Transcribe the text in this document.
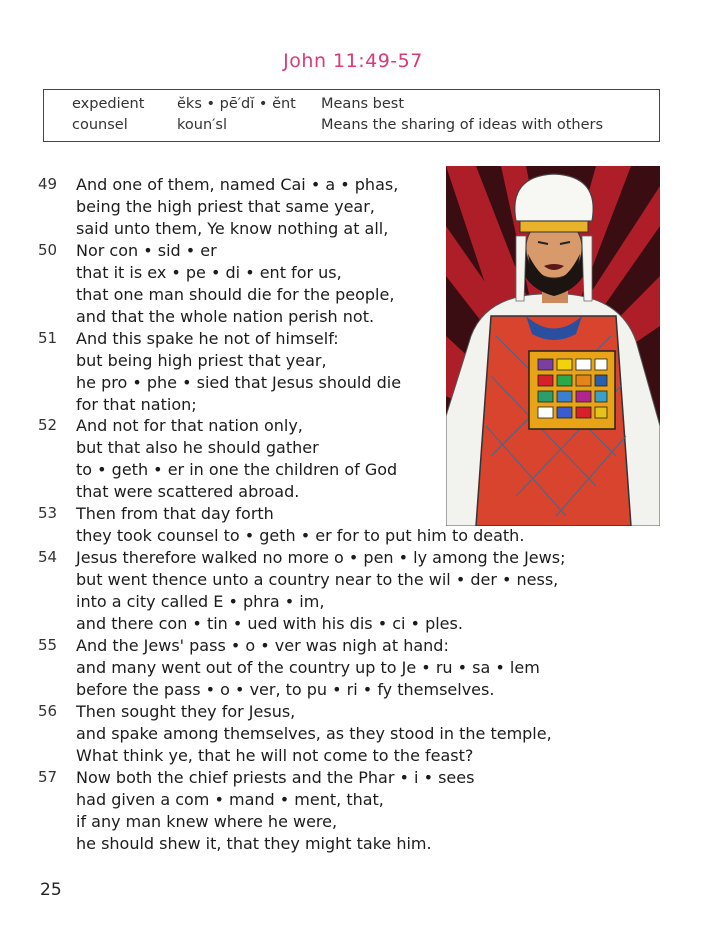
John 11:49-57
expedient ĕks • pē′dĭ • ĕnt Means best
counsel	koun′sl	Means the sharing of ideas with others
49 And one of them, named Cai • a • phas,
being the high priest that same year,
said unto them, Ye know nothing at all,
50 Nor con • sid • er
that it is ex • pe • di • ent for us,
that one man should die for the people,
and that the whole nation perish not.
51 And this spake he not of himself:
but being high priest that year,
he pro • phe • sied that Jesus should die
for that nation;
52 And not for that nation only,
but that also he should gather
to • geth • er in one the children of God
that were scattered abroad.
53 Then from that day forth
they took counsel to • geth • er for to put him to death.
54 Jesus therefore walked no more o • pen • ly among the Jews;
but went thence unto a country near to the wil • der • ness,
into a city called E • phra • im,
and there con • tin • ued with his dis • ci • ples.
55 And the Jews' pass • o • ver was nigh at hand:
and many went out of the country up to Je • ru • sa • lem
before the pass • o • ver, to pu • ri • fy themselves.
56 Then sought they for Jesus,
and spake among themselves, as they stood in the temple,
What think ye, that he will not come to the feast?
57 Now both the chief priests and the Phar • i • sees
had given a com • mand • ment, that,
if any man knew where he were,
he should shew it, that they might take him.
25
